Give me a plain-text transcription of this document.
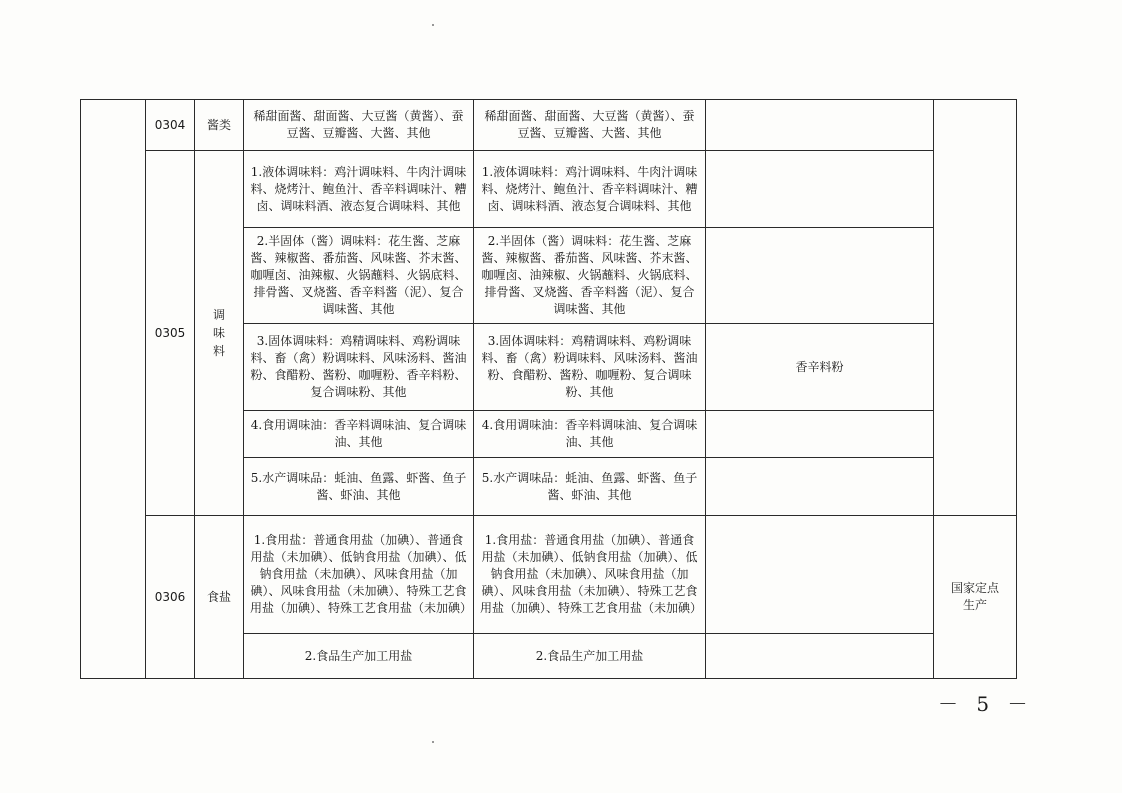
	0304	酱类	稀甜面酱、甜面酱、大豆酱（黄酱）、蚕豆酱、豆瓣酱、大酱、其他	稀甜面酱、甜面酱、大豆酱（黄酱）、蚕豆酱、豆瓣酱、大酱、其他		
	0305	调味料	1.液体调味料：鸡汁调味料、牛肉汁调味料、烧烤汁、鲍鱼汁、香辛料调味汁、糟卤、调味料酒、液态复合调味料、其他	1.液体调味料：鸡汁调味料、牛肉汁调味料、烧烤汁、鲍鱼汁、香辛料调味汁、糟卤、调味料酒、液态复合调味料、其他		
			2.半固体（酱）调味料：花生酱、芝麻酱、辣椒酱、番茄酱、风味酱、芥末酱、咖喱卤、油辣椒、火锅蘸料、火锅底料、排骨酱、叉烧酱、香辛料酱（泥）、复合调味酱、其他	2.半固体（酱）调味料：花生酱、芝麻酱、辣椒酱、番茄酱、风味酱、芥末酱、咖喱卤、油辣椒、火锅蘸料、火锅底料、排骨酱、叉烧酱、香辛料酱（泥）、复合调味酱、其他		
			3.固体调味料：鸡精调味料、鸡粉调味料、畜（禽）粉调味料、风味汤料、酱油粉、食醋粉、酱粉、咖喱粉、香辛料粉、复合调味粉、其他	3.固体调味料：鸡精调味料、鸡粉调味料、畜（禽）粉调味料、风味汤料、酱油粉、食醋粉、酱粉、咖喱粉、复合调味粉、其他	香辛料粉	
			4.食用调味油：香辛料调味油、复合调味油、其他	4.食用调味油：香辛料调味油、复合调味油、其他		
			5.水产调味品：蚝油、鱼露、虾酱、鱼子酱、虾油、其他	5.水产调味品：蚝油、鱼露、虾酱、鱼子酱、虾油、其他		
	0306	食盐	1.食用盐：普通食用盐（加碘）、普通食用盐（未加碘）、低钠食用盐（加碘）、低钠食用盐（未加碘）、风味食用盐（加碘）、风味食用盐（未加碘）、特殊工艺食用盐（加碘）、特殊工艺食用盐（未加碘）	1.食用盐：普通食用盐（加碘）、普通食用盐（未加碘）、低钠食用盐（加碘）、低钠食用盐（未加碘）、风味食用盐（加碘）、风味食用盐（未加碘）、特殊工艺食用盐（加碘）、特殊工艺食用盐（未加碘）		国家定点生产

			2.食品生产加工用盐	2.食品生产加工用盐		
－ 5 －
